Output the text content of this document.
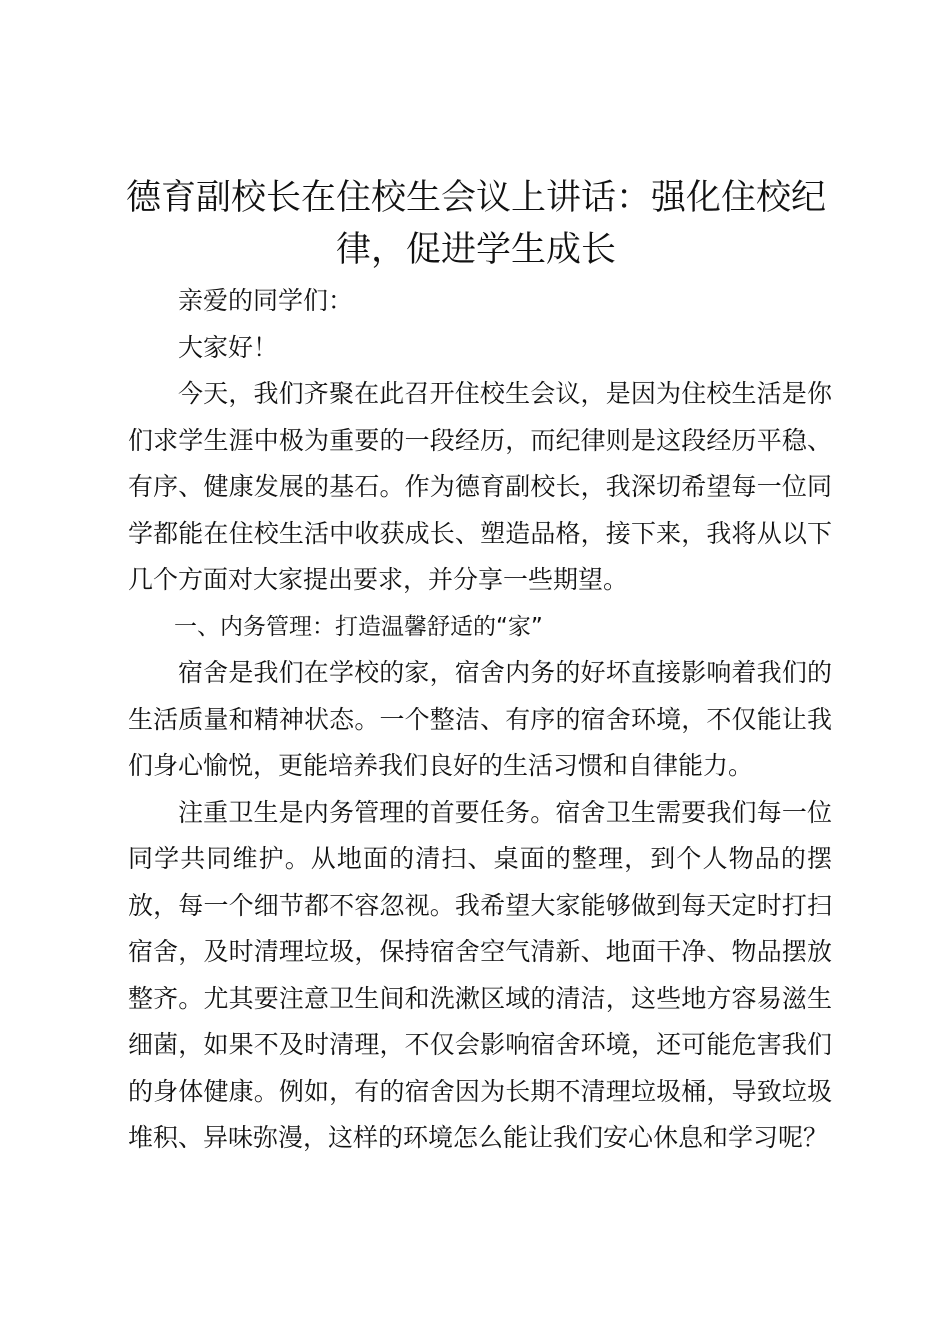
德育副校长在住校生会议上讲话：强化住校纪律，促进学生成长

亲爱的同学们：

大家好！

今天，我们齐聚在此召开住校生会议，是因为住校生活是你们求学生涯中极为重要的一段经历，而纪律则是这段经历平稳、有序、健康发展的基石。作为德育副校长，我深切希望每一位同学都能在住校生活中收获成长、塑造品格，接下来，我将从以下几个方面对大家提出要求，并分享一些期望。

一、内务管理：打造温馨舒适的“家”

宿舍是我们在学校的家，宿舍内务的好坏直接影响着我们的生活质量和精神状态。一个整洁、有序的宿舍环境，不仅能让我们身心愉悦，更能培养我们良好的生活习惯和自律能力。

注重卫生是内务管理的首要任务。宿舍卫生需要我们每一位同学共同维护。从地面的清扫、桌面的整理，到个人物品的摆放，每一个细节都不容忽视。我希望大家能够做到每天定时打扫宿舍，及时清理垃圾，保持宿舍空气清新、地面干净、物品摆放整齐。尤其要注意卫生间和洗漱区域的清洁，这些地方容易滋生细菌，如果不及时清理，不仅会影响宿舍环境，还可能危害我们的身体健康。例如，有的宿舍因为长期不清理垃圾桶，导致垃圾堆积、异味弥漫，这样的环境怎么能让我们安心休息和学习呢？
